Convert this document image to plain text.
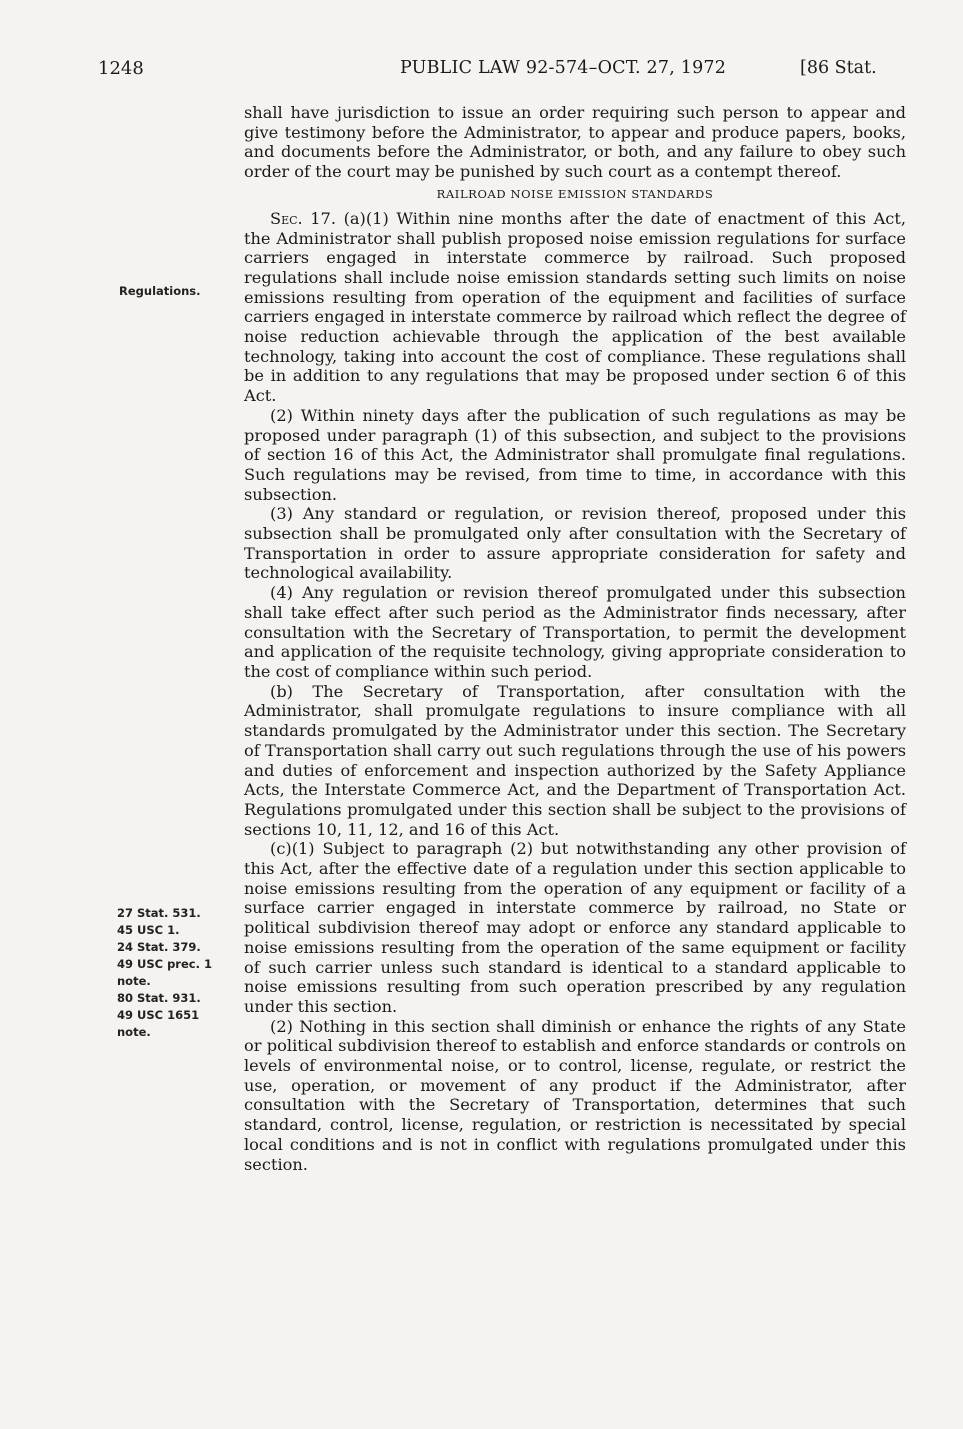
1248	PUBLIC LAW 92-574–OCT. 27, 1972	[86 Stat.
Regulations.
27 Stat. 531.
45 USC 1.
24 Stat. 379.
49 USC prec. 1
note.
80 Stat. 931.
49 USC 1651
note.

shall have jurisdiction to issue an order requiring such person to appear and give testimony before the Administrator, to appear and produce papers, books, and documents before the Administrator, or both, and any failure to obey such order of the court may be punished by such court as a contempt thereof.

RAILROAD NOISE EMISSION STANDARDS

Sec. 17. (a)(1) Within nine months after the date of enactment of this Act, the Administrator shall publish proposed noise emission regulations for surface carriers engaged in interstate commerce by railroad. Such proposed regulations shall include noise emission standards setting such limits on noise emissions resulting from operation of the equipment and facilities of surface carriers engaged in interstate commerce by railroad which reflect the degree of noise reduction achievable through the application of the best available technology, taking into account the cost of compliance. These regulations shall be in addition to any regulations that may be proposed under section 6 of this Act.

(2) Within ninety days after the publication of such regulations as may be proposed under paragraph (1) of this subsection, and subject to the provisions of section 16 of this Act, the Administrator shall promulgate final regulations. Such regulations may be revised, from time to time, in accordance with this subsection.

(3) Any standard or regulation, or revision thereof, proposed under this subsection shall be promulgated only after consultation with the Secretary of Transportation in order to assure appropriate consideration for safety and technological availability.

(4) Any regulation or revision thereof promulgated under this subsection shall take effect after such period as the Administrator finds necessary, after consultation with the Secretary of Transportation, to permit the development and application of the requisite technology, giving appropriate consideration to the cost of compliance within such period.

(b) The Secretary of Transportation, after consultation with the Administrator, shall promulgate regulations to insure compliance with all standards promulgated by the Administrator under this section. The Secretary of Transportation shall carry out such regulations through the use of his powers and duties of enforcement and inspection authorized by the Safety Appliance Acts, the Interstate Commerce Act, and the Department of Transportation Act. Regulations promulgated under this section shall be subject to the provisions of sections 10, 11, 12, and 16 of this Act.

(c)(1) Subject to paragraph (2) but notwithstanding any other provision of this Act, after the effective date of a regulation under this section applicable to noise emissions resulting from the operation of any equipment or facility of a surface carrier engaged in interstate commerce by railroad, no State or political subdivision thereof may adopt or enforce any standard applicable to noise emissions resulting from the operation of the same equipment or facility of such carrier unless such standard is identical to a standard applicable to noise emissions resulting from such operation prescribed by any regulation under this section.

(2) Nothing in this section shall diminish or enhance the rights of any State or political subdivision thereof to establish and enforce standards or controls on levels of environmental noise, or to control, license, regulate, or restrict the use, operation, or movement of any product if the Administrator, after consultation with the Secretary of Transportation, determines that such standard, control, license, regulation, or restriction is necessitated by special local conditions and is not in conflict with regulations promulgated under this section.
